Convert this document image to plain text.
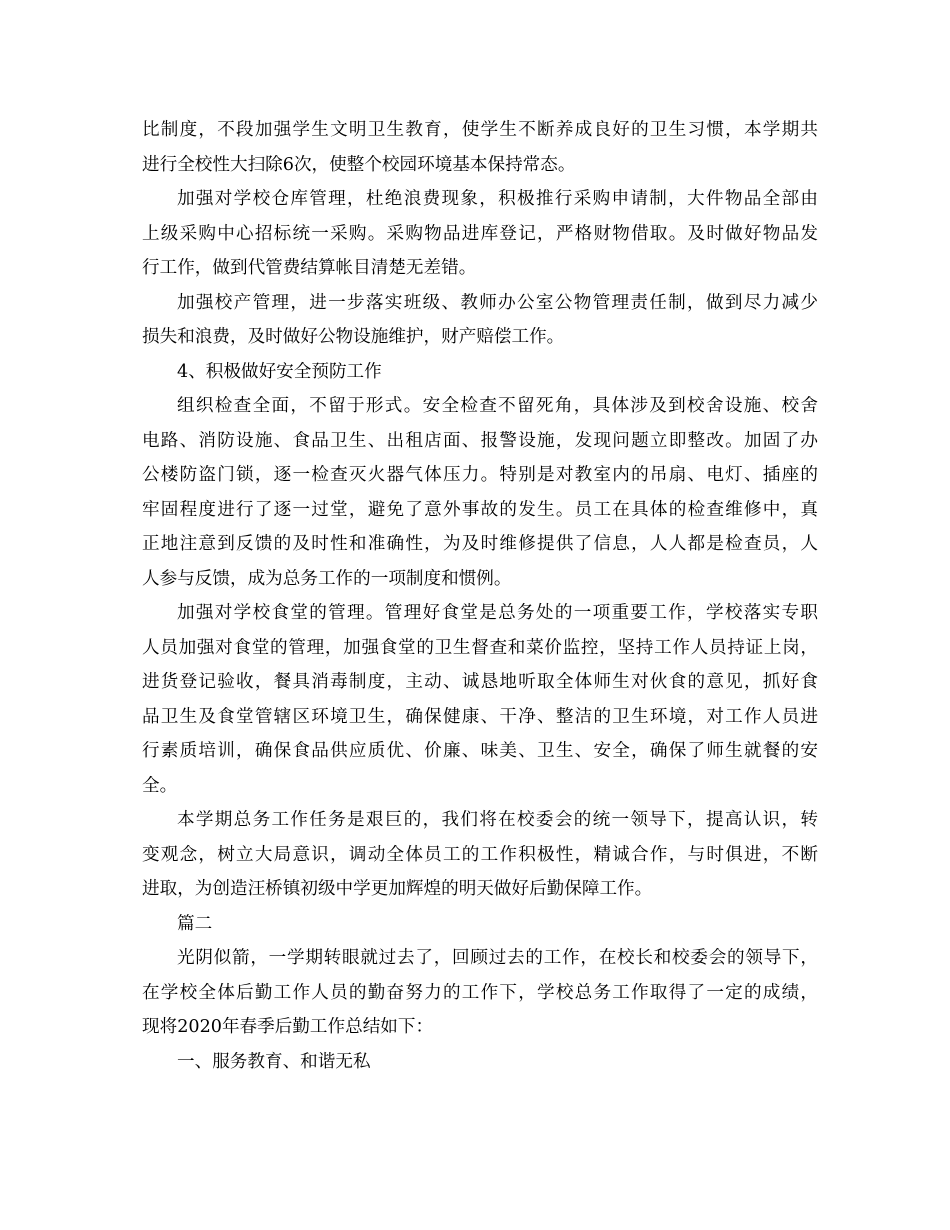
比制度，不段加强学生文明卫生教育，使学生不断养成良好的卫生习惯，本学期共
进行全校性大扫除6次，使整个校园环境基本保持常态。
加强对学校仓库管理，杜绝浪费现象，积极推行采购申请制，大件物品全部由
上级采购中心招标统一采购。采购物品进库登记，严格财物借取。及时做好物品发
行工作，做到代管费结算帐目清楚无差错。
加强校产管理，进一步落实班级、教师办公室公物管理责任制，做到尽力减少
损失和浪费，及时做好公物设施维护，财产赔偿工作。
4、积极做好安全预防工作
组织检查全面，不留于形式。安全检查不留死角，具体涉及到校舍设施、校舍
电路、消防设施、食品卫生、出租店面、报警设施，发现问题立即整改。加固了办
公楼防盗门锁，逐一检查灭火器气体压力。特别是对教室内的吊扇、电灯、插座的
牢固程度进行了逐一过堂，避免了意外事故的发生。员工在具体的检查维修中，真
正地注意到反馈的及时性和准确性，为及时维修提供了信息，人人都是检查员，人
人参与反馈，成为总务工作的一项制度和惯例。
加强对学校食堂的管理。管理好食堂是总务处的一项重要工作，学校落实专职
人员加强对食堂的管理，加强食堂的卫生督查和菜价监控，坚持工作人员持证上岗，
进货登记验收，餐具消毒制度，主动、诚恳地听取全体师生对伙食的意见，抓好食
品卫生及食堂管辖区环境卫生，确保健康、干净、整洁的卫生环境，对工作人员进
行素质培训，确保食品供应质优、价廉、味美、卫生、安全，确保了师生就餐的安
全。
本学期总务工作任务是艰巨的，我们将在校委会的统一领导下，提高认识，转
变观念，树立大局意识，调动全体员工的工作积极性，精诚合作，与时俱进，不断
进取，为创造汪桥镇初级中学更加辉煌的明天做好后勤保障工作。
篇二
光阴似箭，一学期转眼就过去了，回顾过去的工作，在校长和校委会的领导下，
在学校全体后勤工作人员的勤奋努力的工作下，学校总务工作取得了一定的成绩，
现将2020年春季后勤工作总结如下：
一、服务教育、和谐无私
